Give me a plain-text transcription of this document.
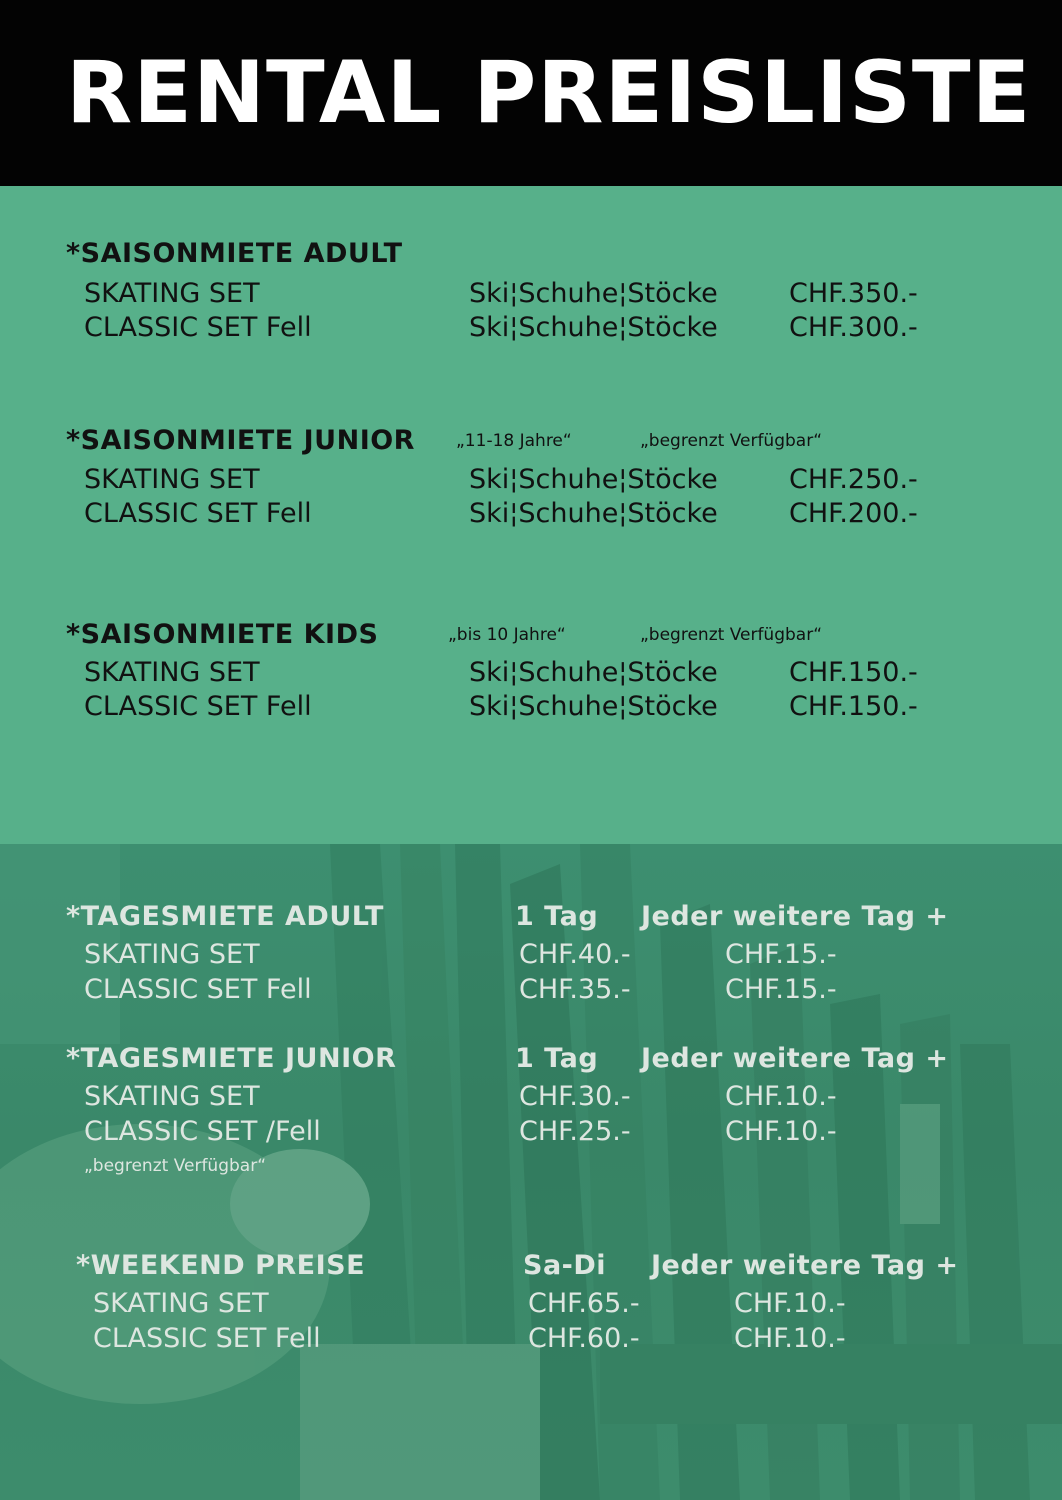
RENTAL PREISLISTE
*SAISONMIETE ADULT
SKATING SET	Ski¦Schuhe¦Stöcke	CHF.350.-
CLASSIC SET Fell	Ski¦Schuhe¦Stöcke	CHF.300.-
*SAISONMIETE JUNIOR „11-18 Jahre“	„begrenzt Verfügbar“
SKATING SET	Ski¦Schuhe¦Stöcke	CHF.250.-
CLASSIC SET Fell	Ski¦Schuhe¦Stöcke	CHF.200.-
*SAISONMIETE KIDS	„bis 10 Jahre“	„begrenzt Verfügbar“
SKATING SET	Ski¦Schuhe¦Stöcke	CHF.150.-
CLASSIC SET Fell	Ski¦Schuhe¦Stöcke	CHF.150.-
*TAGESMIETE ADULT	1 Tag Jeder weitere Tag +
SKATING SET	CHF.40.-	CHF.15.-
CLASSIC SET Fell	CHF.35.-	CHF.15.-
*TAGESMIETE JUNIOR	1 Tag Jeder weitere Tag +
SKATING SET	CHF.30.-	CHF.10.-
CLASSIC SET /Fell	CHF.25.-	CHF.10.-
„begrenzt Verfügbar“
*WEEKEND PREISE	Sa-Di Jeder weitere Tag +
SKATING SET	CHF.65.-	CHF.10.-
CLASSIC SET Fell	CHF.60.-	CHF.10.-
